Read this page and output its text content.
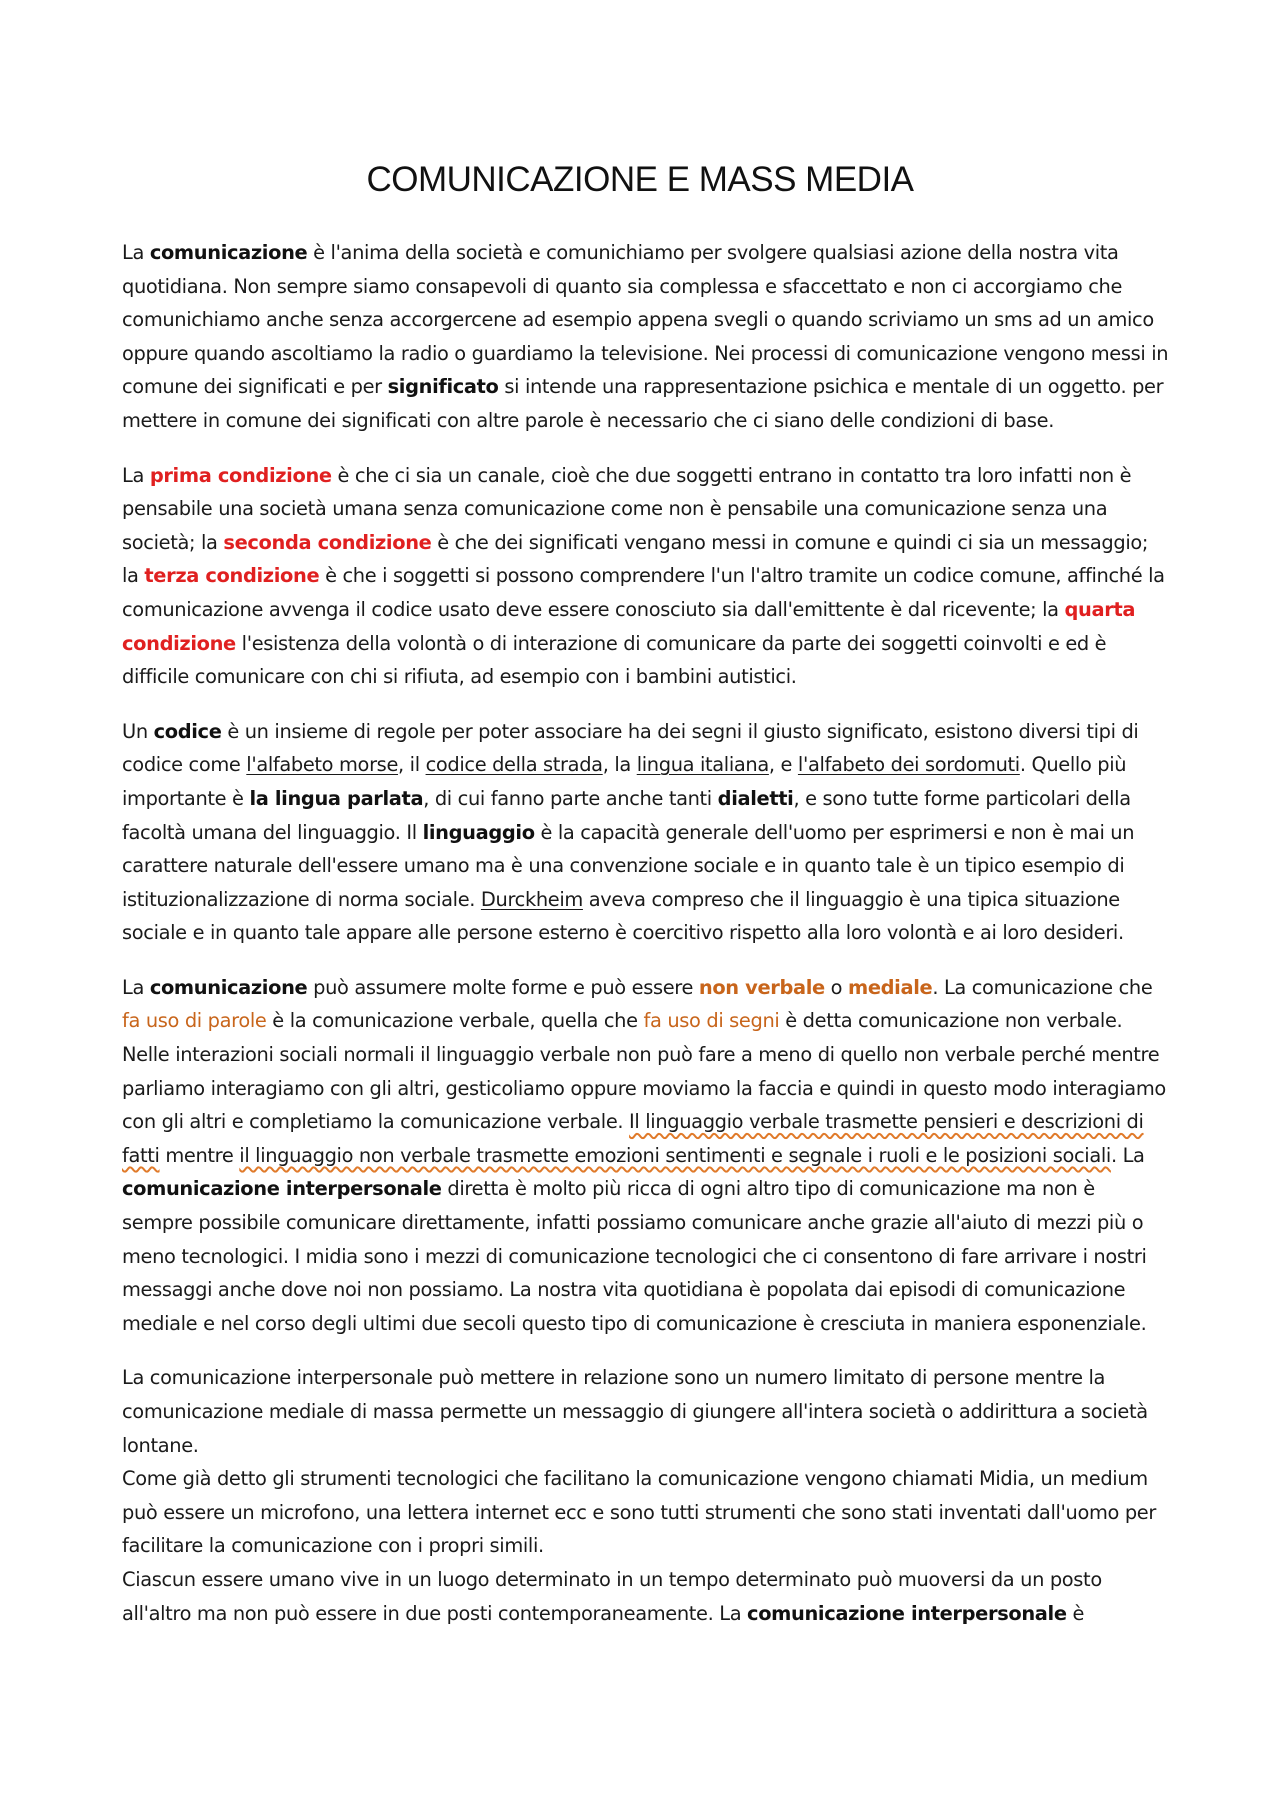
COMUNICAZIONE E MASS MEDIA

La comunicazione è l'anima della società e comunichiamo per svolgere qualsiasi azione della nostra vita quotidiana. Non sempre siamo consapevoli di quanto sia complessa e sfaccettato e non ci accorgiamo che comunichiamo anche senza accorgercene ad esempio appena svegli o quando scriviamo un sms ad un amico oppure quando ascoltiamo la radio o guardiamo la televisione. Nei processi di comunicazione vengono messi in comune dei significati e per significato si intende una rappresentazione psichica e mentale di un oggetto. per mettere in comune dei significati con altre parole è necessario che ci siano delle condizioni di base.

La prima condizione è che ci sia un canale, cioè che due soggetti entrano in contatto tra loro infatti non è pensabile una società umana senza comunicazione come non è pensabile una comunicazione senza una società; la seconda condizione è che dei significati vengano messi in comune e quindi ci sia un messaggio; la terza condizione è che i soggetti si possono comprendere l'un l'altro tramite un codice comune, affinché la comunicazione avvenga il codice usato deve essere conosciuto sia dall'emittente è dal ricevente; la quarta condizione l'esistenza della volontà o di interazione di comunicare da parte dei soggetti coinvolti e ed è difficile comunicare con chi si rifiuta, ad esempio con i bambini autistici.

Un codice è un insieme di regole per poter associare ha dei segni il giusto significato, esistono diversi tipi di codice come l'alfabeto morse, il codice della strada, la lingua italiana, e l'alfabeto dei sordomuti. Quello più importante è la lingua parlata, di cui fanno parte anche tanti dialetti, e sono tutte forme particolari della facoltà umana del linguaggio. Il linguaggio è la capacità generale dell'uomo per esprimersi e non è mai un carattere naturale dell'essere umano ma è una convenzione sociale e in quanto tale è un tipico esempio di istituzionalizzazione di norma sociale. Durckheim aveva compreso che il linguaggio è una tipica situazione sociale e in quanto tale appare alle persone esterno è coercitivo rispetto alla loro volontà e ai loro desideri.

La comunicazione può assumere molte forme e può essere non verbale o mediale. La comunicazione che fa uso di parole è la comunicazione verbale, quella che fa uso di segni è detta comunicazione non verbale. Nelle interazioni sociali normali il linguaggio verbale non può fare a meno di quello non verbale perché mentre parliamo interagiamo con gli altri, gesticoliamo oppure moviamo la faccia e quindi in questo modo interagiamo con gli altri e completiamo la comunicazione verbale. Il linguaggio verbale trasmette pensieri e descrizioni di fatti mentre il linguaggio non verbale trasmette emozioni sentimenti e segnale i ruoli e le posizioni sociali. La comunicazione interpersonale diretta è molto più ricca di ogni altro tipo di comunicazione ma non è sempre possibile comunicare direttamente, infatti possiamo comunicare anche grazie all'aiuto di mezzi più o meno tecnologici. I midia sono i mezzi di comunicazione tecnologici che ci consentono di fare arrivare i nostri messaggi anche dove noi non possiamo. La nostra vita quotidiana è popolata dai episodi di comunicazione mediale e nel corso degli ultimi due secoli questo tipo di comunicazione è cresciuta in maniera esponenziale.

La comunicazione interpersonale può mettere in relazione sono un numero limitato di persone mentre la comunicazione mediale di massa permette un messaggio di giungere all'intera società o addirittura a società lontane.

Come già detto gli strumenti tecnologici che facilitano la comunicazione vengono chiamati Midia, un medium può essere un microfono, una lettera internet ecc e sono tutti strumenti che sono stati inventati dall'uomo per facilitare la comunicazione con i propri simili.

Ciascun essere umano vive in un luogo determinato in un tempo determinato può muoversi da un posto all'altro ma non può essere in due posti contemporaneamente. La comunicazione interpersonale è
